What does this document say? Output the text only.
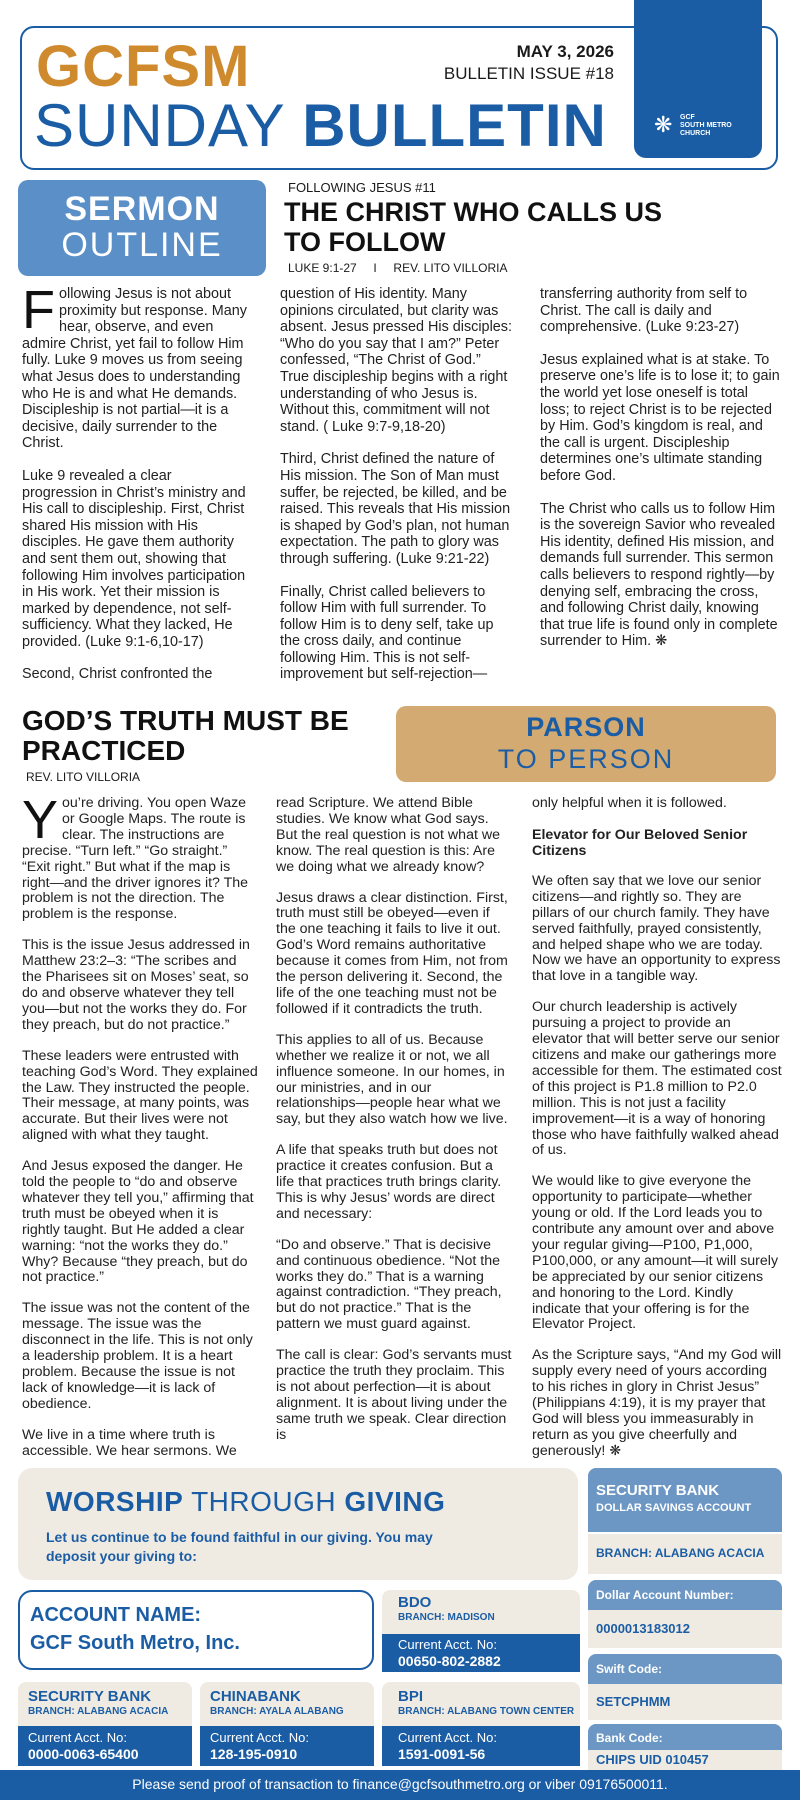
GCFSM
SUNDAY BULLETIN
MAY 3, 2026
BULLETIN ISSUE #18
❋	GCF
SOUTH METRO
CHURCH
SERMON
OUTLINE
FOLLOWING JESUS #11
THE CHRIST WHO CALLS US
TO FOLLOW
LUKE 9:1-27 I REV. LITO VILLORIA

Following Jesus is not about proximity but response. Many hear, observe, and even admire Christ, yet fail to follow Him fully. Luke 9 moves us from seeing what Jesus does to understanding who He is and what He demands. Discipleship is not partial—it is a decisive, daily surrender to the Christ.

Luke 9 revealed a clear progression in Christ’s ministry and His call to discipleship. First, Christ shared His mission with His disciples. He gave them authority and sent them out, showing that following Him involves participation in His work. Yet their mission is marked by dependence, not self-sufficiency. What they lacked, He provided. (Luke 9:1-6,10-17)

Second, Christ confronted the

question of His identity. Many opinions circulated, but clarity was absent. Jesus pressed His disciples: “Who do you say that I am?” Peter confessed, “The Christ of God.” True discipleship begins with a right understanding of who Jesus is. Without this, commitment will not stand. ( Luke 9:7-9,18-20)

Third, Christ defined the nature of His mission. The Son of Man must suffer, be rejected, be killed, and be raised. This reveals that His mission is shaped by God’s plan, not human expectation. The path to glory was through suffering. (Luke 9:21-22)

Finally, Christ called believers to follow Him with full surrender. To follow Him is to deny self, take up the cross daily, and continue following Him. This is not self-improvement but self-rejection—

transferring authority from self to Christ. The call is daily and comprehensive. (Luke 9:23-27)

Jesus explained what is at stake. To preserve one’s life is to lose it; to gain the world yet lose oneself is total loss; to reject Christ is to be rejected by Him. God’s kingdom is real, and the call is urgent. Discipleship determines one’s ultimate standing before God.

The Christ who calls us to follow Him is the sovereign Savior who revealed His identity, defined His mission, and demands full surrender. This sermon calls believers to respond rightly—by denying self, embracing the cross, and following Christ daily, knowing that true life is found only in complete surrender to Him. ❋

GOD’S TRUTH MUST BE
PRACTICED
REV. LITO VILLORIA
PARSON
TO PERSON

You’re driving. You open Waze or Google Maps. The route is clear. The instructions are precise. “Turn left.” “Go straight.” “Exit right.” But what if the map is right—and the driver ignores it? The problem is not the direction. The problem is the response.

This is the issue Jesus addressed in Matthew 23:2–3: “The scribes and the Pharisees sit on Moses’ seat, so do and observe whatever they tell you—but not the works they do. For they preach, but do not practice.”

These leaders were entrusted with teaching God’s Word. They explained the Law. They instructed the people. Their message, at many points, was accurate. But their lives were not aligned with what they taught.

And Jesus exposed the danger. He told the people to “do and observe whatever they tell you,” affirming that truth must be obeyed when it is rightly taught. But He added a clear warning: “not the works they do.” Why? Because “they preach, but do not practice.”

The issue was not the content of the message. The issue was the disconnect in the life. This is not only a leadership problem. It is a heart problem. Because the issue is not lack of knowledge—it is lack of obedience.

We live in a time where truth is accessible. We hear sermons. We

read Scripture. We attend Bible studies. We know what God says. But the real question is not what we know. The real question is this: Are we doing what we already know?

Jesus draws a clear distinction. First, truth must still be obeyed—even if the one teaching it fails to live it out. God’s Word remains authoritative because it comes from Him, not from the person delivering it. Second, the life of the one teaching must not be followed if it contradicts the truth.

This applies to all of us. Because whether we realize it or not, we all influence someone. In our homes, in our ministries, and in our relationships—people hear what we say, but they also watch how we live.

A life that speaks truth but does not practice it creates confusion. But a life that practices truth brings clarity. This is why Jesus’ words are direct and necessary:

“Do and observe.” That is decisive and continuous obedience. “Not the works they do.” That is a warning against contradiction. “They preach, but do not practice.” That is the pattern we must guard against.

The call is clear: God’s servants must practice the truth they proclaim. This is not about perfection—it is about alignment. It is about living under the same truth we speak. Clear direction is

only helpful when it is followed.

Elevator for Our Beloved Senior Citizens

We often say that we love our senior citizens—and rightly so. They are pillars of our church family. They have served faithfully, prayed consistently, and helped shape who we are today. Now we have an opportunity to express that love in a tangible way.

Our church leadership is actively pursuing a project to provide an elevator that will better serve our senior citizens and make our gatherings more accessible for them. The estimated cost of this project is P1.8 million to P2.0 million. This is not just a facility improvement—it is a way of honoring those who have faithfully walked ahead of us.

We would like to give everyone the opportunity to participate—whether young or old. If the Lord leads you to contribute any amount over and above your regular giving—P100, P1,000, P100,000, or any amount—it will surely be appreciated by our senior citizens and honoring to the Lord. Kindly indicate that your offering is for the Elevator Project.

As the Scripture says, “And my God will supply every need of yours according to his riches in glory in Christ Jesus” (Philippians 4:19), it is my prayer that God will bless you immeasurably in return as you give cheerfully and generously! ❋

WORSHIP THROUGH GIVING
Let us continue to be found faithful in our giving. You may deposit your giving to:
ACCOUNT NAME:
GCF South Metro, Inc.
BDO
BRANCH: MADISON
Current Acct. No:
00650-802-2882
SECURITY BANK
BRANCH: ALABANG ACACIA
Current Acct. No:
0000-0063-65400
CHINABANK
BRANCH: AYALA ALABANG
Current Acct. No:
128-195-0910
BPI
BRANCH: ALABANG TOWN CENTER
Current Acct. No:
1591-0091-56
SECURITY BANK
DOLLAR SAVINGS ACCOUNT
BRANCH: ALABANG ACACIA
Dollar Account Number:
0000013183012
Swift Code:
SETCPHMM
Bank Code:
CHIPS UID 010457
Please send proof of transaction to finance@gcfsouthmetro.org or viber 09176500011.
